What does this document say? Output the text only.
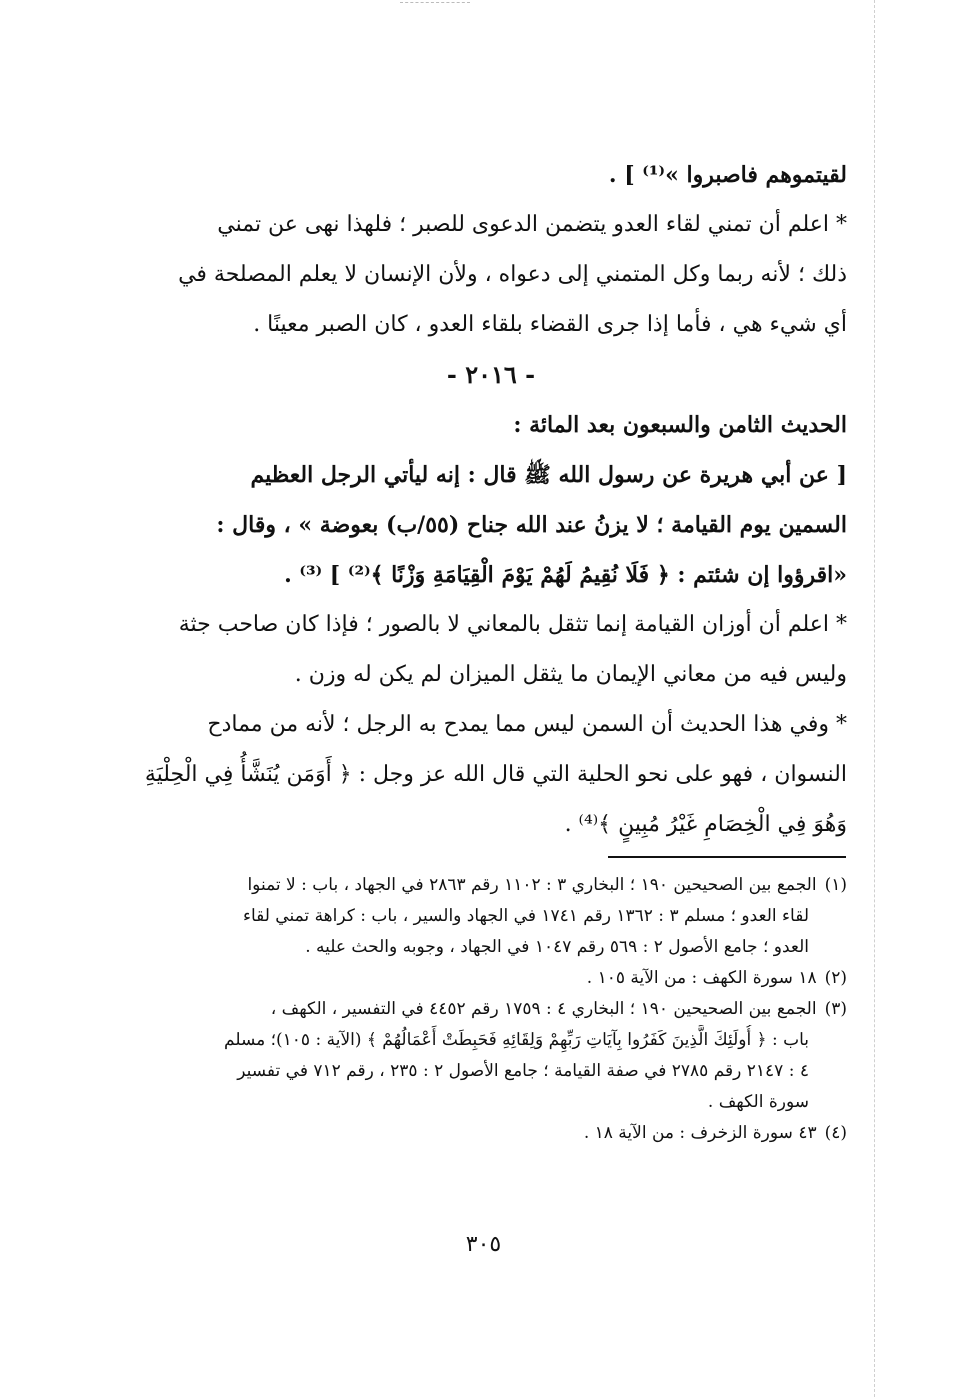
لقيتموهم فاصبروا »⁽¹⁾ ] .
* اعلم أن تمني لقاء العدو يتضمن الدعوى للصبر ؛ فلهذا نهى عن تمني
ذلك ؛ لأنه ربما وكل المتمني إلى دعواه ، ولأن الإنسان لا يعلم المصلحة في
أي شيء هي ، فأما إذا جرى القضاء بلقاء العدو ، كان الصبر معينًا .
- ٢٠١٦ -
الحديث الثامن والسبعون بعد المائة :
[ عن أبي هريرة عن رسول الله ﷺ قال : إنه ليأتي الرجل العظيم
السمين يوم القيامة ؛ لا يزنُ عند الله جناح (٥٥/ب) بعوضة » ، وقال :
«اقرؤوا إن شئتم : ﴿ فَلَا نُقِيمُ لَهُمْ يَوْمَ الْقِيَامَةِ وَزْنًا ﴾⁽²⁾ ] ⁽³⁾ .
* اعلم أن أوزان القيامة إنما تثقل بالمعاني لا بالصور ؛ فإذا كان صاحب جثة
وليس فيه من معاني الإيمان ما يثقل الميزان لم يكن له وزن .
* وفي هذا الحديث أن السمن ليس مما يمدح به الرجل ؛ لأنه من ممادح
النسوان ، فهو على نحو الحلية التي قال الله عز وجل : ﴿ أَوَمَن يُنَشَّأُ فِي الْحِلْيَةِ
وَهُوَ فِي الْخِصَامِ غَيْرُ مُبِينٍ ﴾⁽⁴⁾ .
(١)الجمع بين الصحيحين ١٩٠ ؛ البخاري ٣ : ١١٠٢ رقم ٢٨٦٣ في الجهاد ، باب : لا تمنوا
لقاء العدو ؛ مسلم ٣ : ١٣٦٢ رقم ١٧٤١ في الجهاد والسير ، باب : كراهة تمني لقاء
العدو ؛ جامع الأصول ٢ : ٥٦٩ رقم ١٠٤٧ في الجهاد ، وجوبه والحث عليه .
(٢)١٨ سورة الكهف : من الآية ١٠٥ .
(٣)الجمع بين الصحيحين ١٩٠ ؛ البخاري ٤ : ١٧٥٩ رقم ٤٤٥٢ في التفسير ، الكهف ،
باب : ﴿ أُولَئِكَ الَّذِينَ كَفَرُوا بِآيَاتِ رَبِّهِمْ وَلِقَائِهِ فَحَبِطَتْ أَعْمَالُهُمْ ﴾ (الآية : ١٠٥)؛ مسلم
٤ : ٢١٤٧ رقم ٢٧٨٥ في صفة القيامة ؛ جامع الأصول ٢ : ٢٣٥ ، رقم ٧١٢ في تفسير
سورة الكهف .
(٤)٤٣ سورة الزخرف : من الآية ١٨ .
٣٠٥
